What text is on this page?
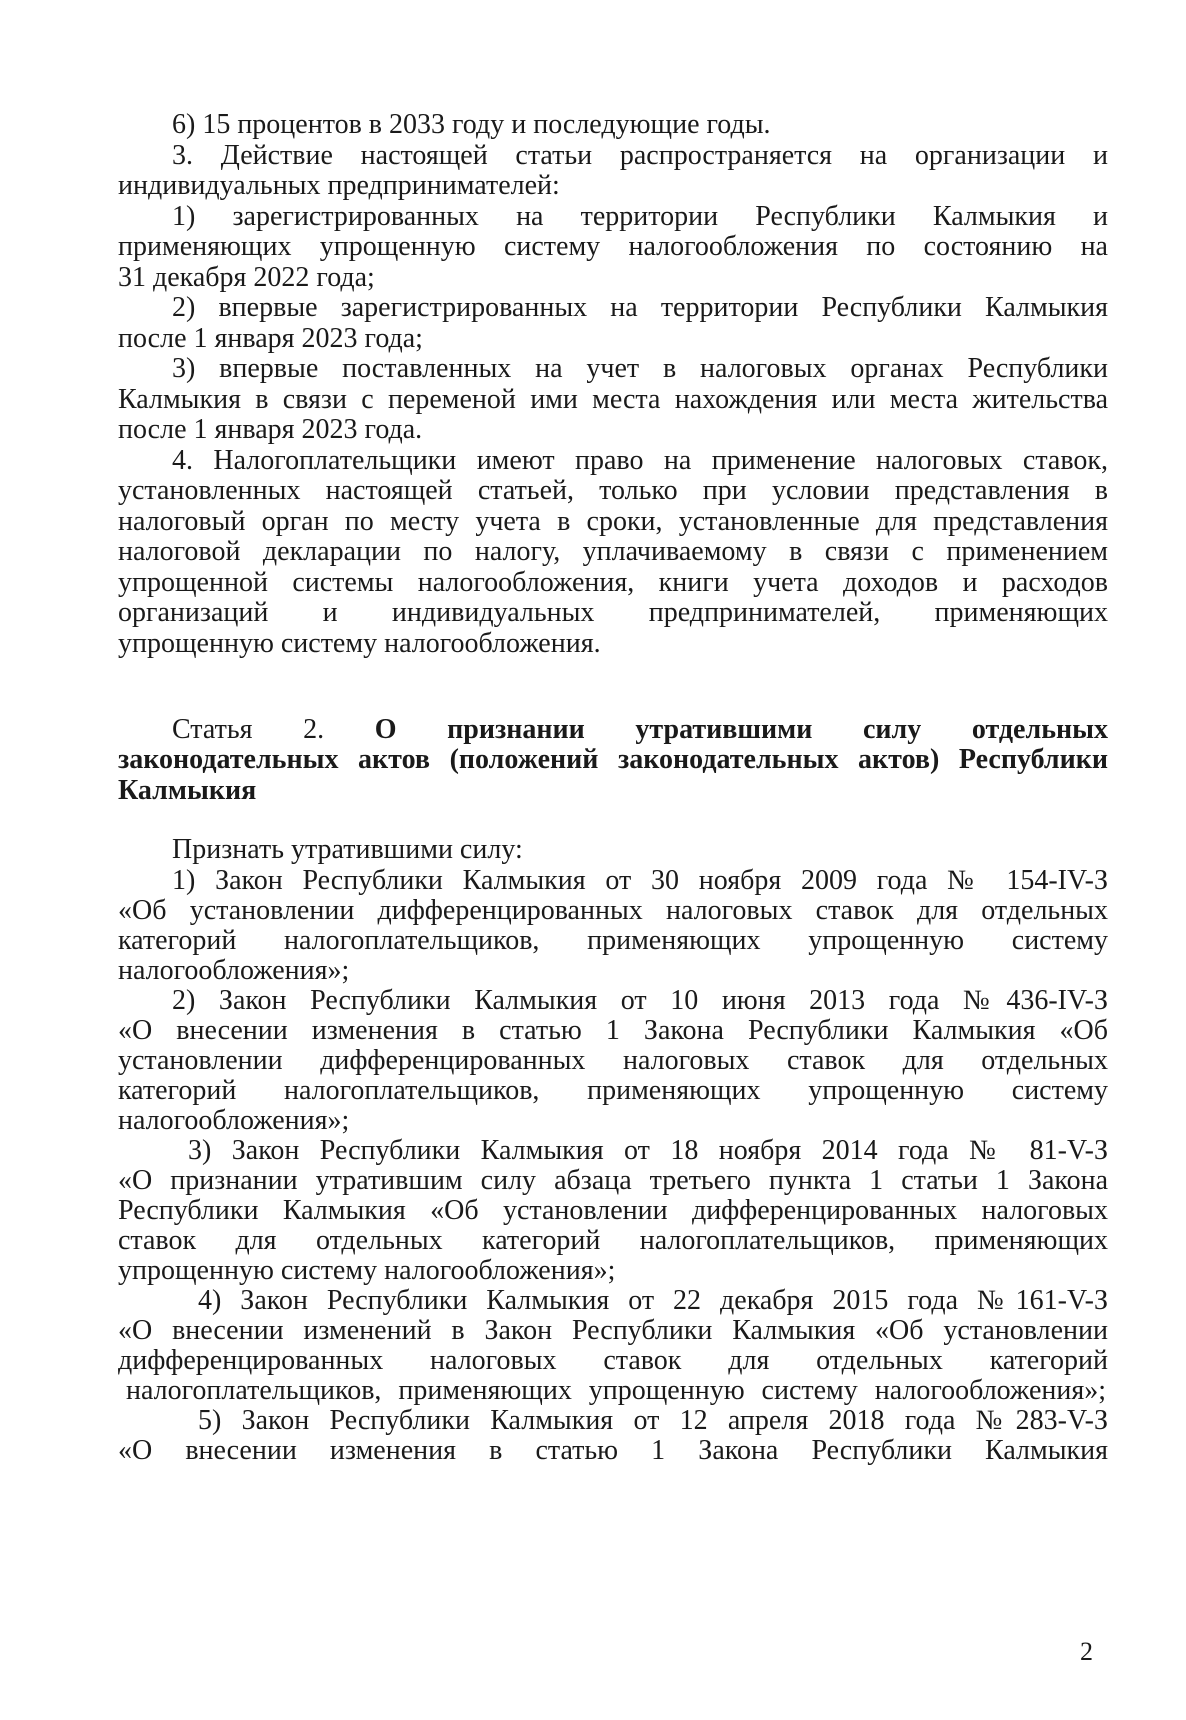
6) 15 процентов в 2033 году и последующие годы.
3. Действие настоящей статьи распространяется на организации и
индивидуальных предпринимателей:
1) зарегистрированных на территории Республики Калмыкия и
применяющих упрощенную систему налогообложения по состоянию на
31 декабря 2022 года;
2) впервые зарегистрированных на территории Республики Калмыкия
после 1 января 2023 года;
3) впервые поставленных на учет в налоговых органах Республики
Калмыкия в связи с переменой ими места нахождения или места жительства
после 1 января 2023 года.
4. Налогоплательщики имеют право на применение налоговых ставок,
установленных настоящей статьей, только при условии представления в
налоговый орган по месту учета в сроки, установленные для представления
налоговой декларации по налогу, уплачиваемому в связи с применением
упрощенной системы налогообложения, книги учета доходов и расходов
организаций и индивидуальных предпринимателей, применяющих
упрощенную систему налогообложения.
Статья 2. О признании утратившими силу отдельных
законодательных актов (положений законодательных актов) Республики
Калмыкия
Признать утратившими силу:
1) Закон Республики Калмыкия от 30 ноября 2009 года № 154-IV-З
«Об установлении дифференцированных налоговых ставок для отдельных
категорий налогоплательщиков, применяющих упрощенную систему
налогообложения»;
2) Закон Республики Калмыкия от 10 июня 2013 года №436-IV-З
«О внесении изменения в статью 1 Закона Республики Калмыкия «Об
установлении дифференцированных налоговых ставок для отдельных
категорий налогоплательщиков, применяющих упрощенную систему
налогообложения»;
3) Закон Республики Калмыкия от 18 ноября 2014 года № 81-V-З
«О признании утратившим силу абзаца третьего пункта 1 статьи 1 Закона
Республики Калмыкия «Об установлении дифференцированных налоговых
ставок для отдельных категорий налогоплательщиков, применяющих
упрощенную систему налогообложения»;
4) Закон Республики Калмыкия от 22 декабря 2015 года №161-V-З
«О внесении изменений в Закон Республики Калмыкия «Об установлении
дифференцированных налоговых ставок для отдельных категорий
налогоплательщиков, применяющих упрощенную систему налогообложения»;
5) Закон Республики Калмыкия от 12 апреля 2018 года №283-V-З
«О внесении изменения в статью 1 Закона Республики Калмыкия
2
